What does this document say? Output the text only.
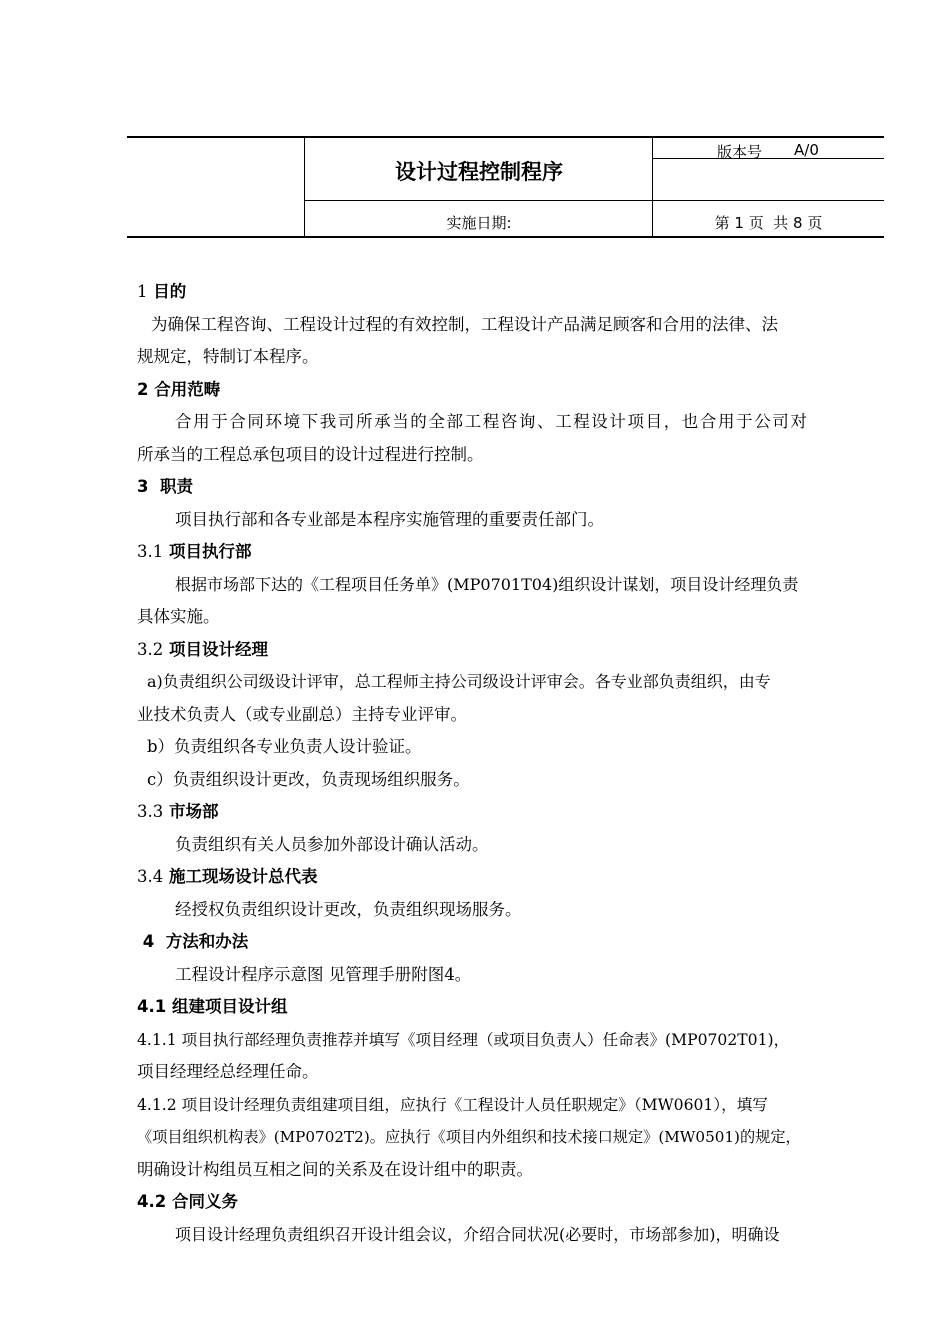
设计过程控制程序
版本号 A/0
实施日期:	第 1 页  共 8 页
1 目的
为确保工程咨询、工程设计过程的有效控制，工程设计产品满足顾客和合用的法律、法
规规定，特制订本程序。
2 合用范畴
合用于合同环境下我司所承当的全部工程咨询、工程设计项目，也合用于公司对
所承当的工程总承包项目的设计过程进行控制。
3 职责
项目执行部和各专业部是本程序实施管理的重要责任部门。
3.1 项目执行部
根据市场部下达的《工程项目任务单》(MP0701T04)组织设计谋划，项目设计经理负责
具体实施。
3.2 项目设计经理
a)负责组织公司级设计评审，总工程师主持公司级设计评审会。各专业部负责组织，由专
业技术负责人（或专业副总）主持专业评审。
b）负责组织各专业负责人设计验证。
c）负责组织设计更改，负责现场组织服务。
3.3 市场部
负责组织有关人员参加外部设计确认活动。
3.4 施工现场设计总代表
经授权负责组织设计更改，负责组织现场服务。
4 方法和办法
工程设计程序示意图 见管理手册附图4。
4.1 组建项目设计组
4.1.1 项目执行部经理负责推荐并填写《项目经理（或项目负责人）任命表》(MP0702T01)，
项目经理经总经理任命。
4.1.2 项目设计经理负责组建项目组，应执行《工程设计人员任职规定》（MW0601），填写
《项目组织机构表》(MP0702T2)。应执行《项目内外组织和技术接口规定》(MW0501)的规定，
明确设计构组员互相之间的关系及在设计组中的职责。
4.2 合同义务
项目设计经理负责组织召开设计组会议，介绍合同状况(必要时，市场部参加)，明确设
